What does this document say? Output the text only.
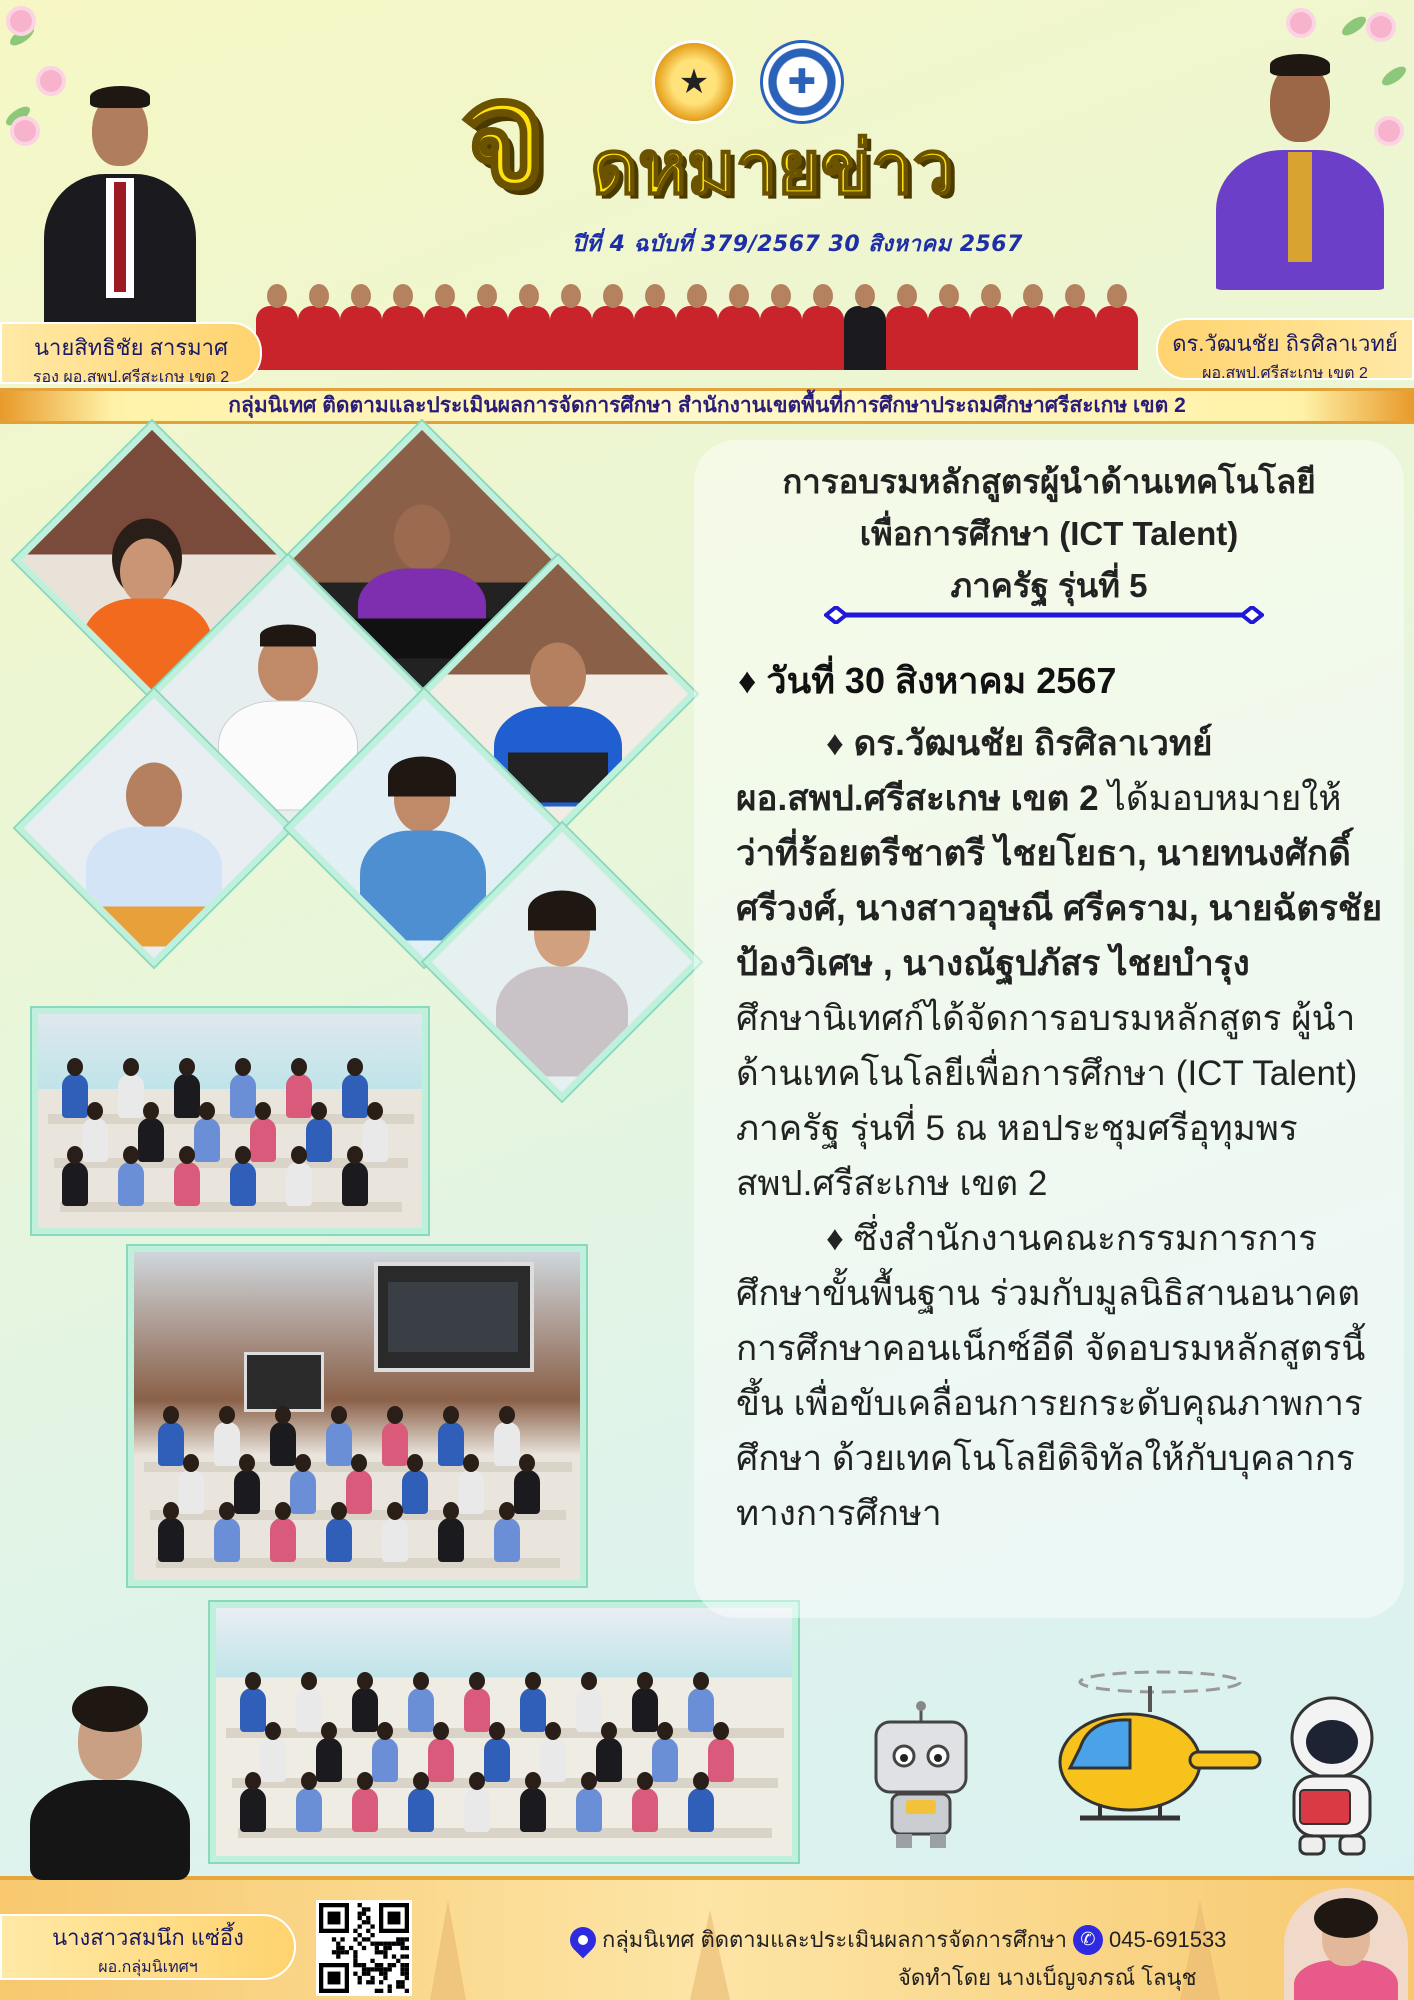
★	✚
จ ดหมายข่าว
ปีที่ 4 ฉบับที่ 379/2567 30 สิงหาคม 2567
นายสิทธิชัย สารมาศ
รอง ผอ.สพป.ศรีสะเกษ เขต 2
ดร.วัฒนชัย ถิรศิลาเวทย์
ผอ.สพป.ศรีสะเกษ เขต 2
กลุ่มนิเทศ ติดตามและประเมินผลการจัดการศึกษา สำนักงานเขตพื้นที่การศึกษาประถมศึกษาศรีสะเกษ เขต 2
การอบรมหลักสูตรผู้นำด้านเทคโนโลยี
เพื่อการศึกษา (ICT Talent)
ภาครัฐ รุ่นที่ 5
♦ วันที่ 30 สิงหาคม 2567
♦ ดร.วัฒนชัย ถิรศิลาเวทย์
ผอ.สพป.ศรีสะเกษ เขต 2 ได้มอบหมายให้ ว่าที่ร้อยตรีชาตรี ไชยโยธา, นายทนงศักดิ์ ศรีวงศ์, นางสาวอุษณี ศรีคราม, นายฉัตรชัย ป้องวิเศษ , นางณัฐปภัสร ไชยบำรุง ศึกษานิเทศก์ได้จัดการอบรมหลักสูตร ผู้นำด้านเทคโนโลยีเพื่อการศึกษา (ICT Talent) ภาครัฐ รุ่นที่ 5 ณ หอประชุมศรีอุทุมพร สพป.ศรีสะเกษ เขต 2
♦ ซึ่งสำนักงานคณะกรรมการการศึกษาขั้นพื้นฐาน ร่วมกับมูลนิธิสานอนาคตการศึกษาคอนเน็กซ์อีดี จัดอบรมหลักสูตรนี้ขึ้น เพื่อขับเคลื่อนการยกระดับคุณภาพการศึกษา ด้วยเทคโนโลยีดิจิทัลให้กับบุคลากรทางการศึกษา
นางสาวสมนึก แซ่อึ้ง
ผอ.กลุ่มนิเทศฯ
กลุ่มนิเทศ ติดตามและประเมินผลการจัดการศึกษา ✆ 045-691533
จัดทำโดย นางเบ็ญจภรณ์ โลนุช
